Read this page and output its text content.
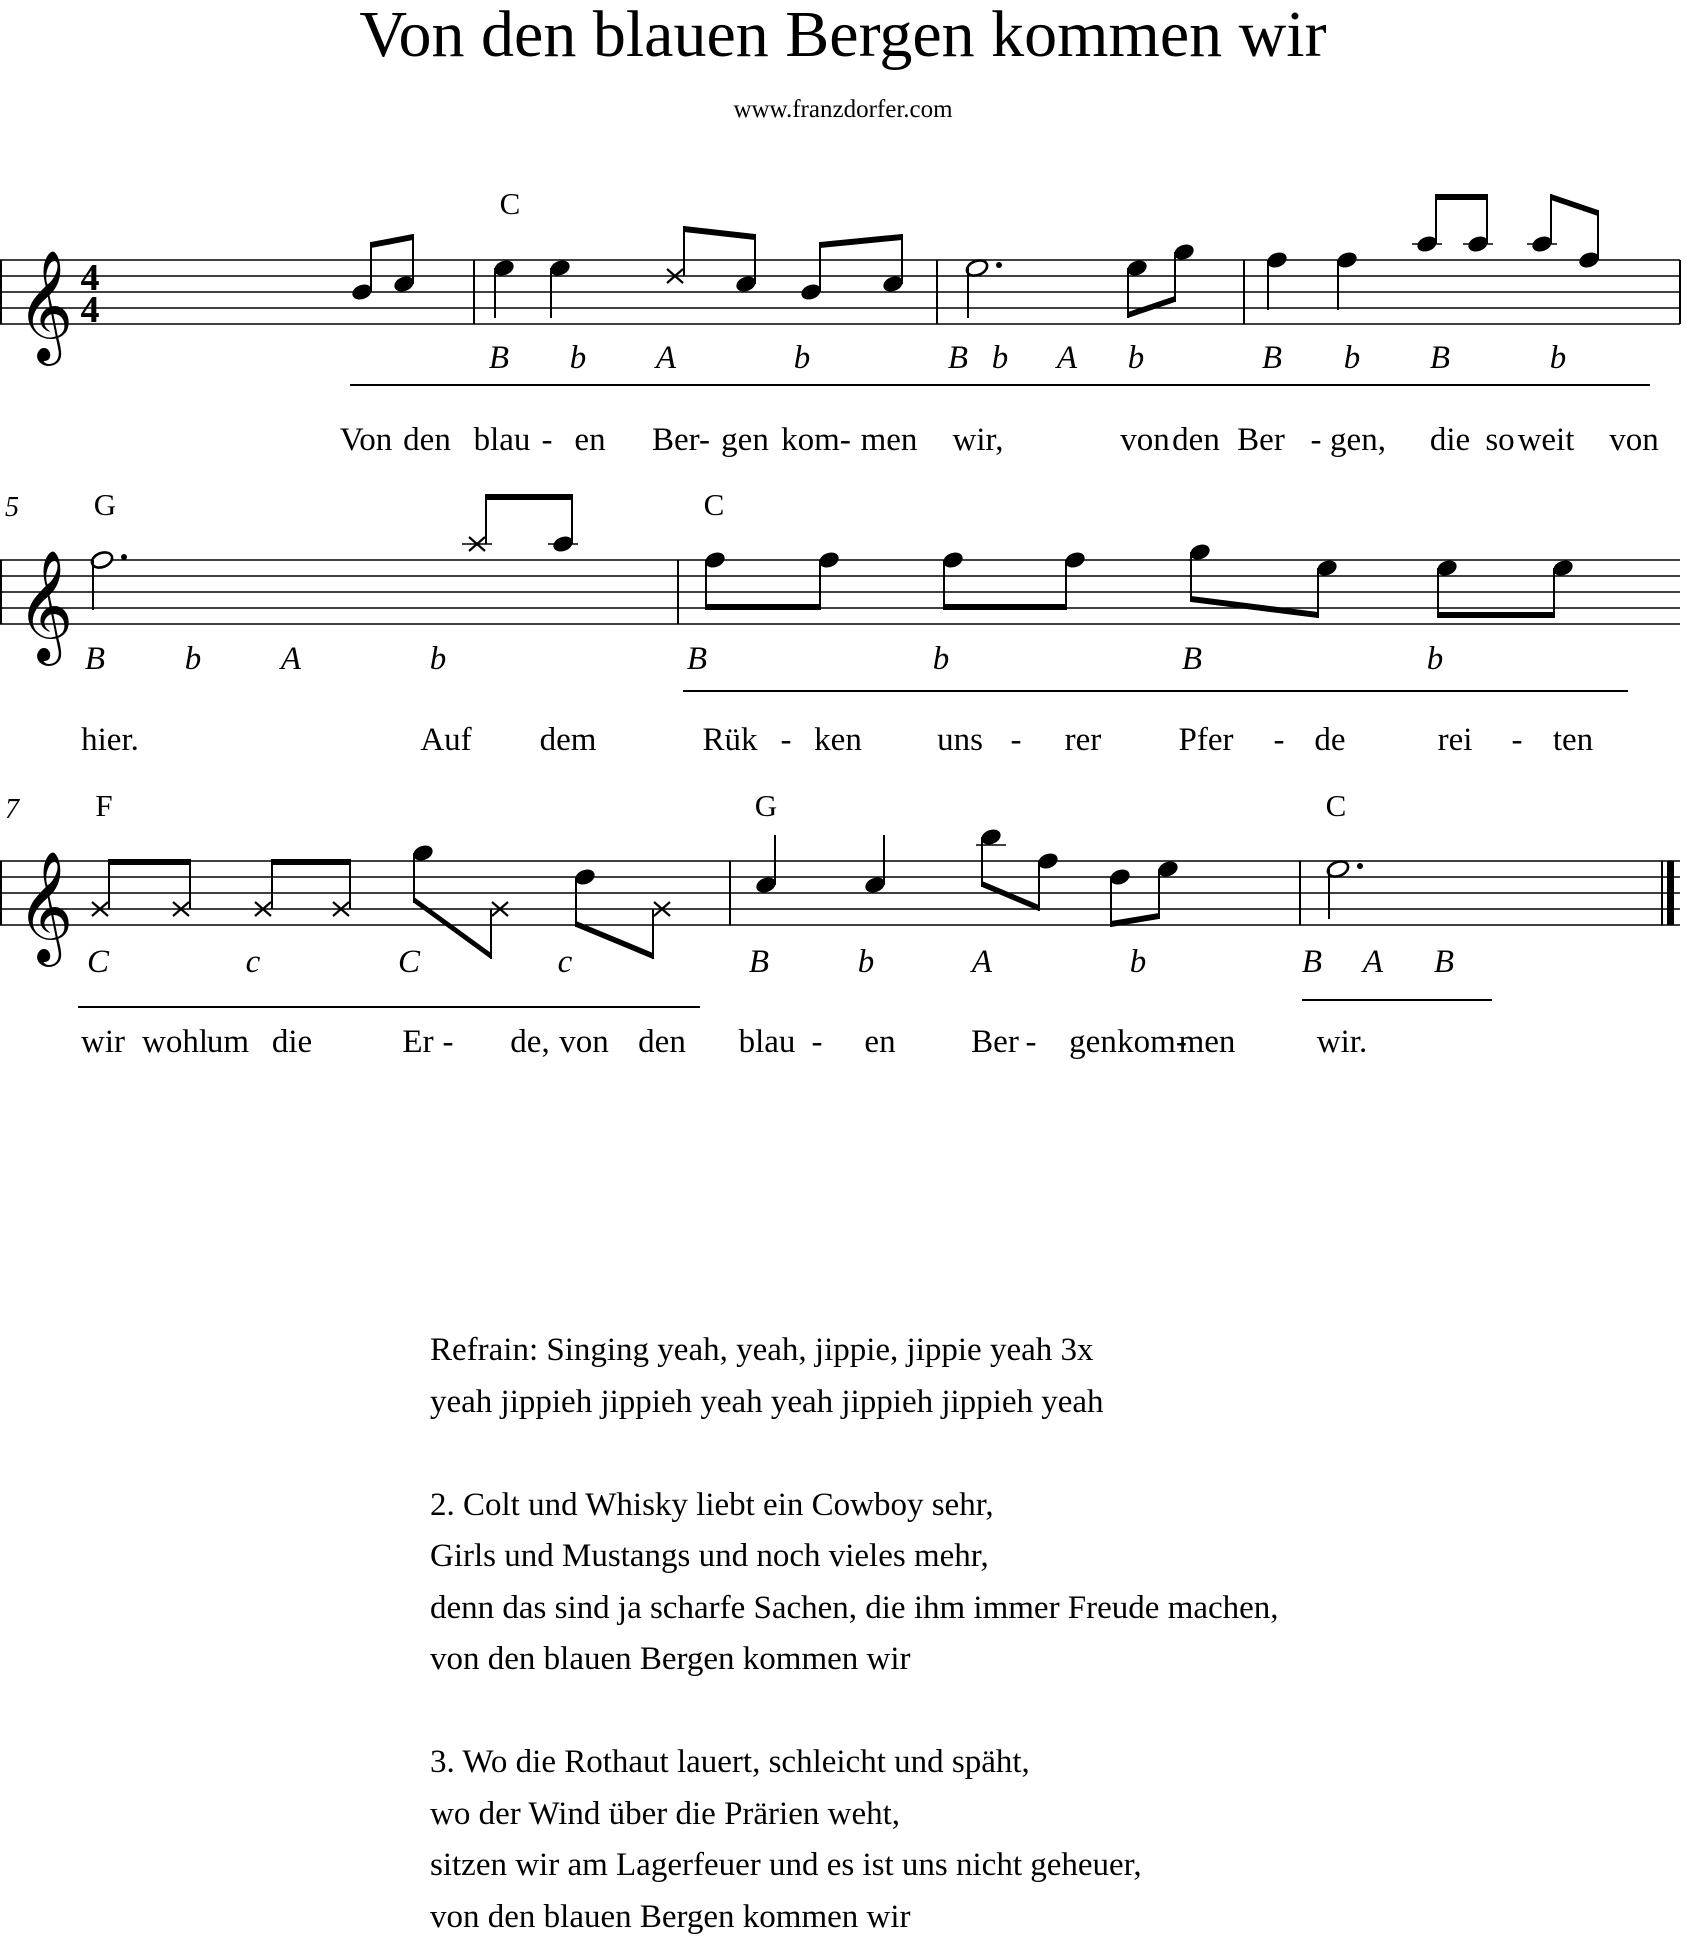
Von den blauen Bergen kommen wir
www.franzdorfer.com
𝄞 4
4
C
B b A	b	B b A b	B b B	b
Von den blau - en Ber- gen kom- men wir,	von den Ber - gen, die so weit von
𝄞
5 G	C
B b A	b	B	b	B	b
hier.	Auf dem	Rük - ken uns - rer Pfer - de	rei - ten
𝄞
7 F	G	C
C	c	C	c	B	b	A	b	B A B
wir wohl
um die	Er - de, von den blau - en Ber - gen kom-
men wir.
Refrain: Singing yeah, yeah, jippie, jippie yeah 3x
yeah jippieh jippieh yeah yeah jippieh jippieh yeah
2. Colt und Whisky liebt ein Cowboy sehr,
Girls und Mustangs und noch vieles mehr,
denn das sind ja scharfe Sachen, die ihm immer Freude machen,
von den blauen Bergen kommen wir
3. Wo die Rothaut lauert, schleicht und späht,
wo der Wind über die Prärien weht,
sitzen wir am Lagerfeuer und es ist uns nicht geheuer,
von den blauen Bergen kommen wir
